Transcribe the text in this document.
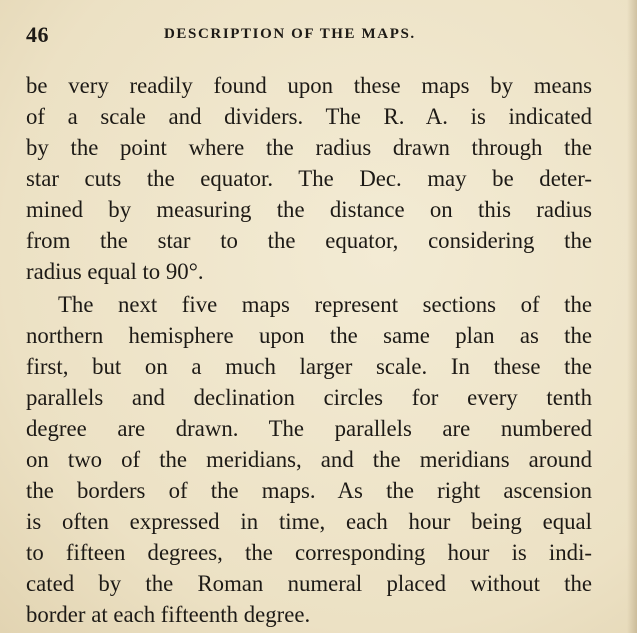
46	DESCRIPTION OF THE MAPS.
be very readily found upon these maps by means
of a scale and dividers. The R. A. is indicated
by the point where the radius drawn through the
star cuts the equator. The Dec. may be deter-
mined by measuring the distance on this radius
from the star to the equator, considering the
radius equal to 90°.
The next five maps represent sections of the
northern hemisphere upon the same plan as the
first, but on a much larger scale. In these the
parallels and declination circles for every tenth
degree are drawn. The parallels are numbered
on two of the meridians, and the meridians around
the borders of the maps. As the right ascension
is often expressed in time, each hour being equal
to fifteen degrees, the corresponding hour is indi-
cated by the Roman numeral placed without the
border at each fifteenth degree.
